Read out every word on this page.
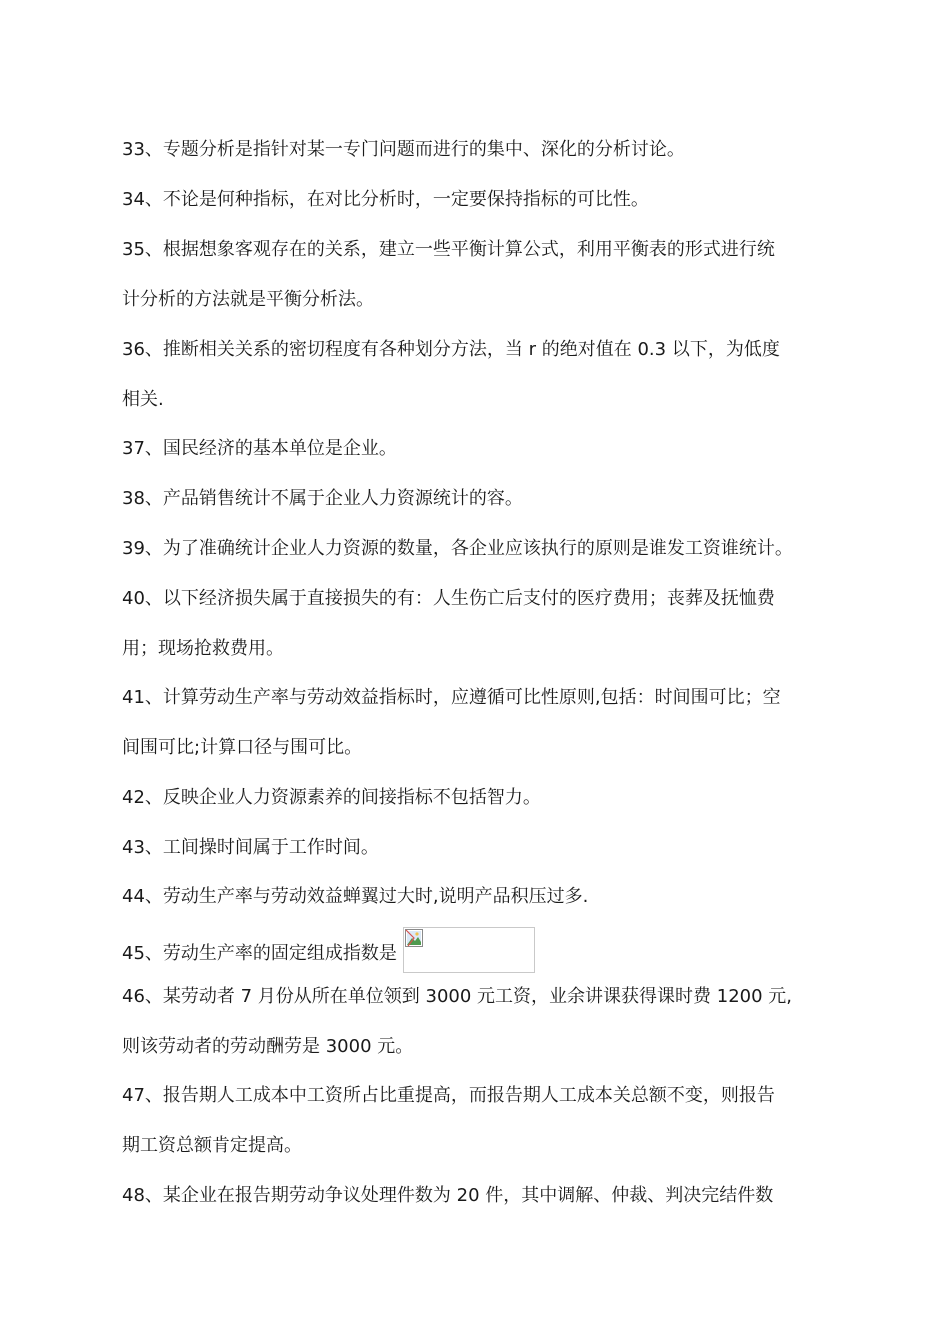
33、专题分析是指针对某一专门问题而进行的集中、深化的分析讨论。
34、不论是何种指标，在对比分析时，一定要保持指标的可比性。
35、根据想象客观存在的关系，建立一些平衡计算公式，利用平衡表的形式进行统
计分析的方法就是平衡分析法。
36、推断相关关系的密切程度有各种划分方法，当 r 的绝对值在 0.3 以下，为低度
相关.
37、国民经济的基本单位是企业。
38、产品销售统计不属于企业人力资源统计的容。
39、为了准确统计企业人力资源的数量，各企业应该执行的原则是谁发工资谁统计。
40、以下经济损失属于直接损失的有：人生伤亡后支付的医疗费用；丧葬及抚恤费
用；现场抢救费用。
41、计算劳动生产率与劳动效益指标时，应遵循可比性原则,包括：时间围可比；空
间围可比;计算口径与围可比。
42、反映企业人力资源素养的间接指标不包括智力。
43、工间操时间属于工作时间。
44、劳动生产率与劳动效益蝉翼过大时,说明产品积压过多.
45、劳动生产率的固定组成指数是
46、某劳动者 7 月份从所在单位领到 3000 元工资，业余讲课获得课时费 1200 元,
则该劳动者的劳动酬劳是 3000 元。
47、报告期人工成本中工资所占比重提高，而报告期人工成本关总额不变，则报告
期工资总额肯定提高。
48、某企业在报告期劳动争议处理件数为 20 件，其中调解、仲裁、判决完结件数
